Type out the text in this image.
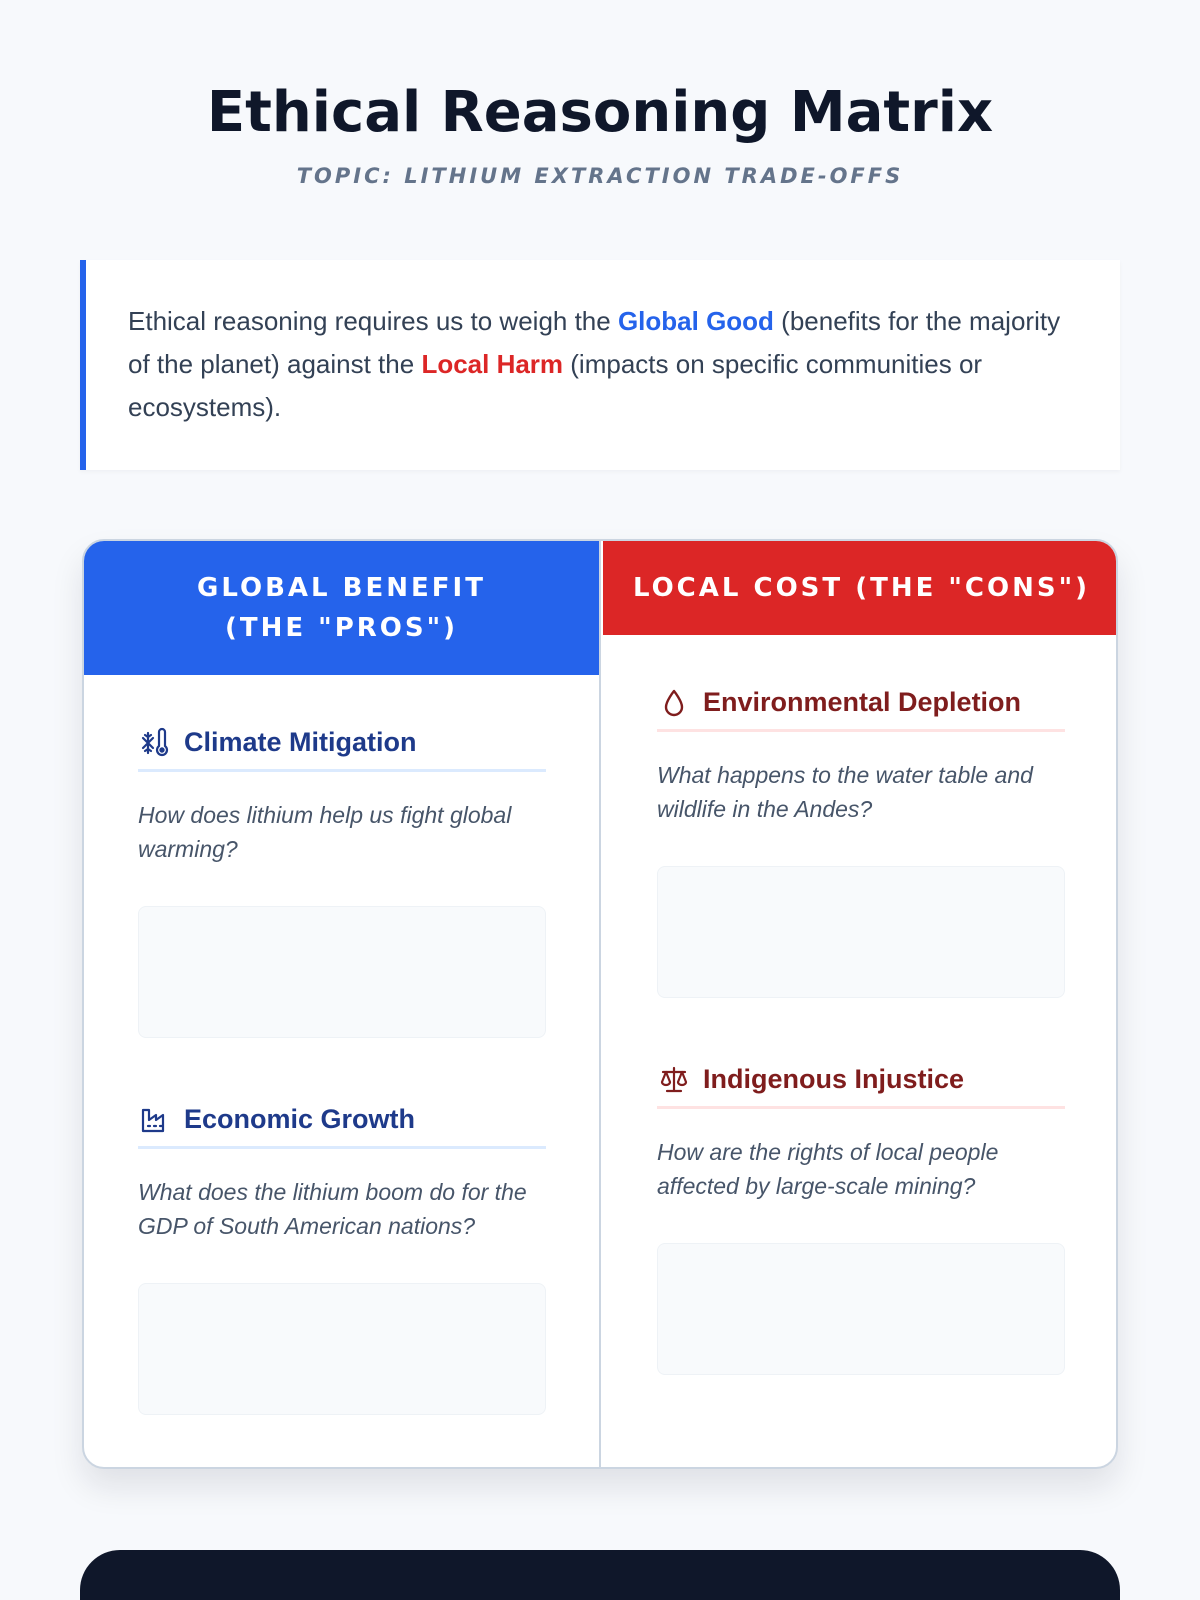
Ethical Reasoning Matrix
TOPIC: LITHIUM EXTRACTION TRADE-OFFS
Ethical reasoning requires us to weigh the Global Good (benefits for the majority of the planet) against the Local Harm (impacts on specific communities or ecosystems).
GLOBAL BENEFIT (THE "PROS")
Climate Mitigation
How does lithium help us fight global warming?
Economic Growth
What does the lithium boom do for the GDP of South American nations?
LOCAL COST (THE "CONS")
Environmental Depletion
What happens to the water table and wildlife in the Andes?
Indigenous Injustice
How are the rights of local people affected by large-scale mining?
